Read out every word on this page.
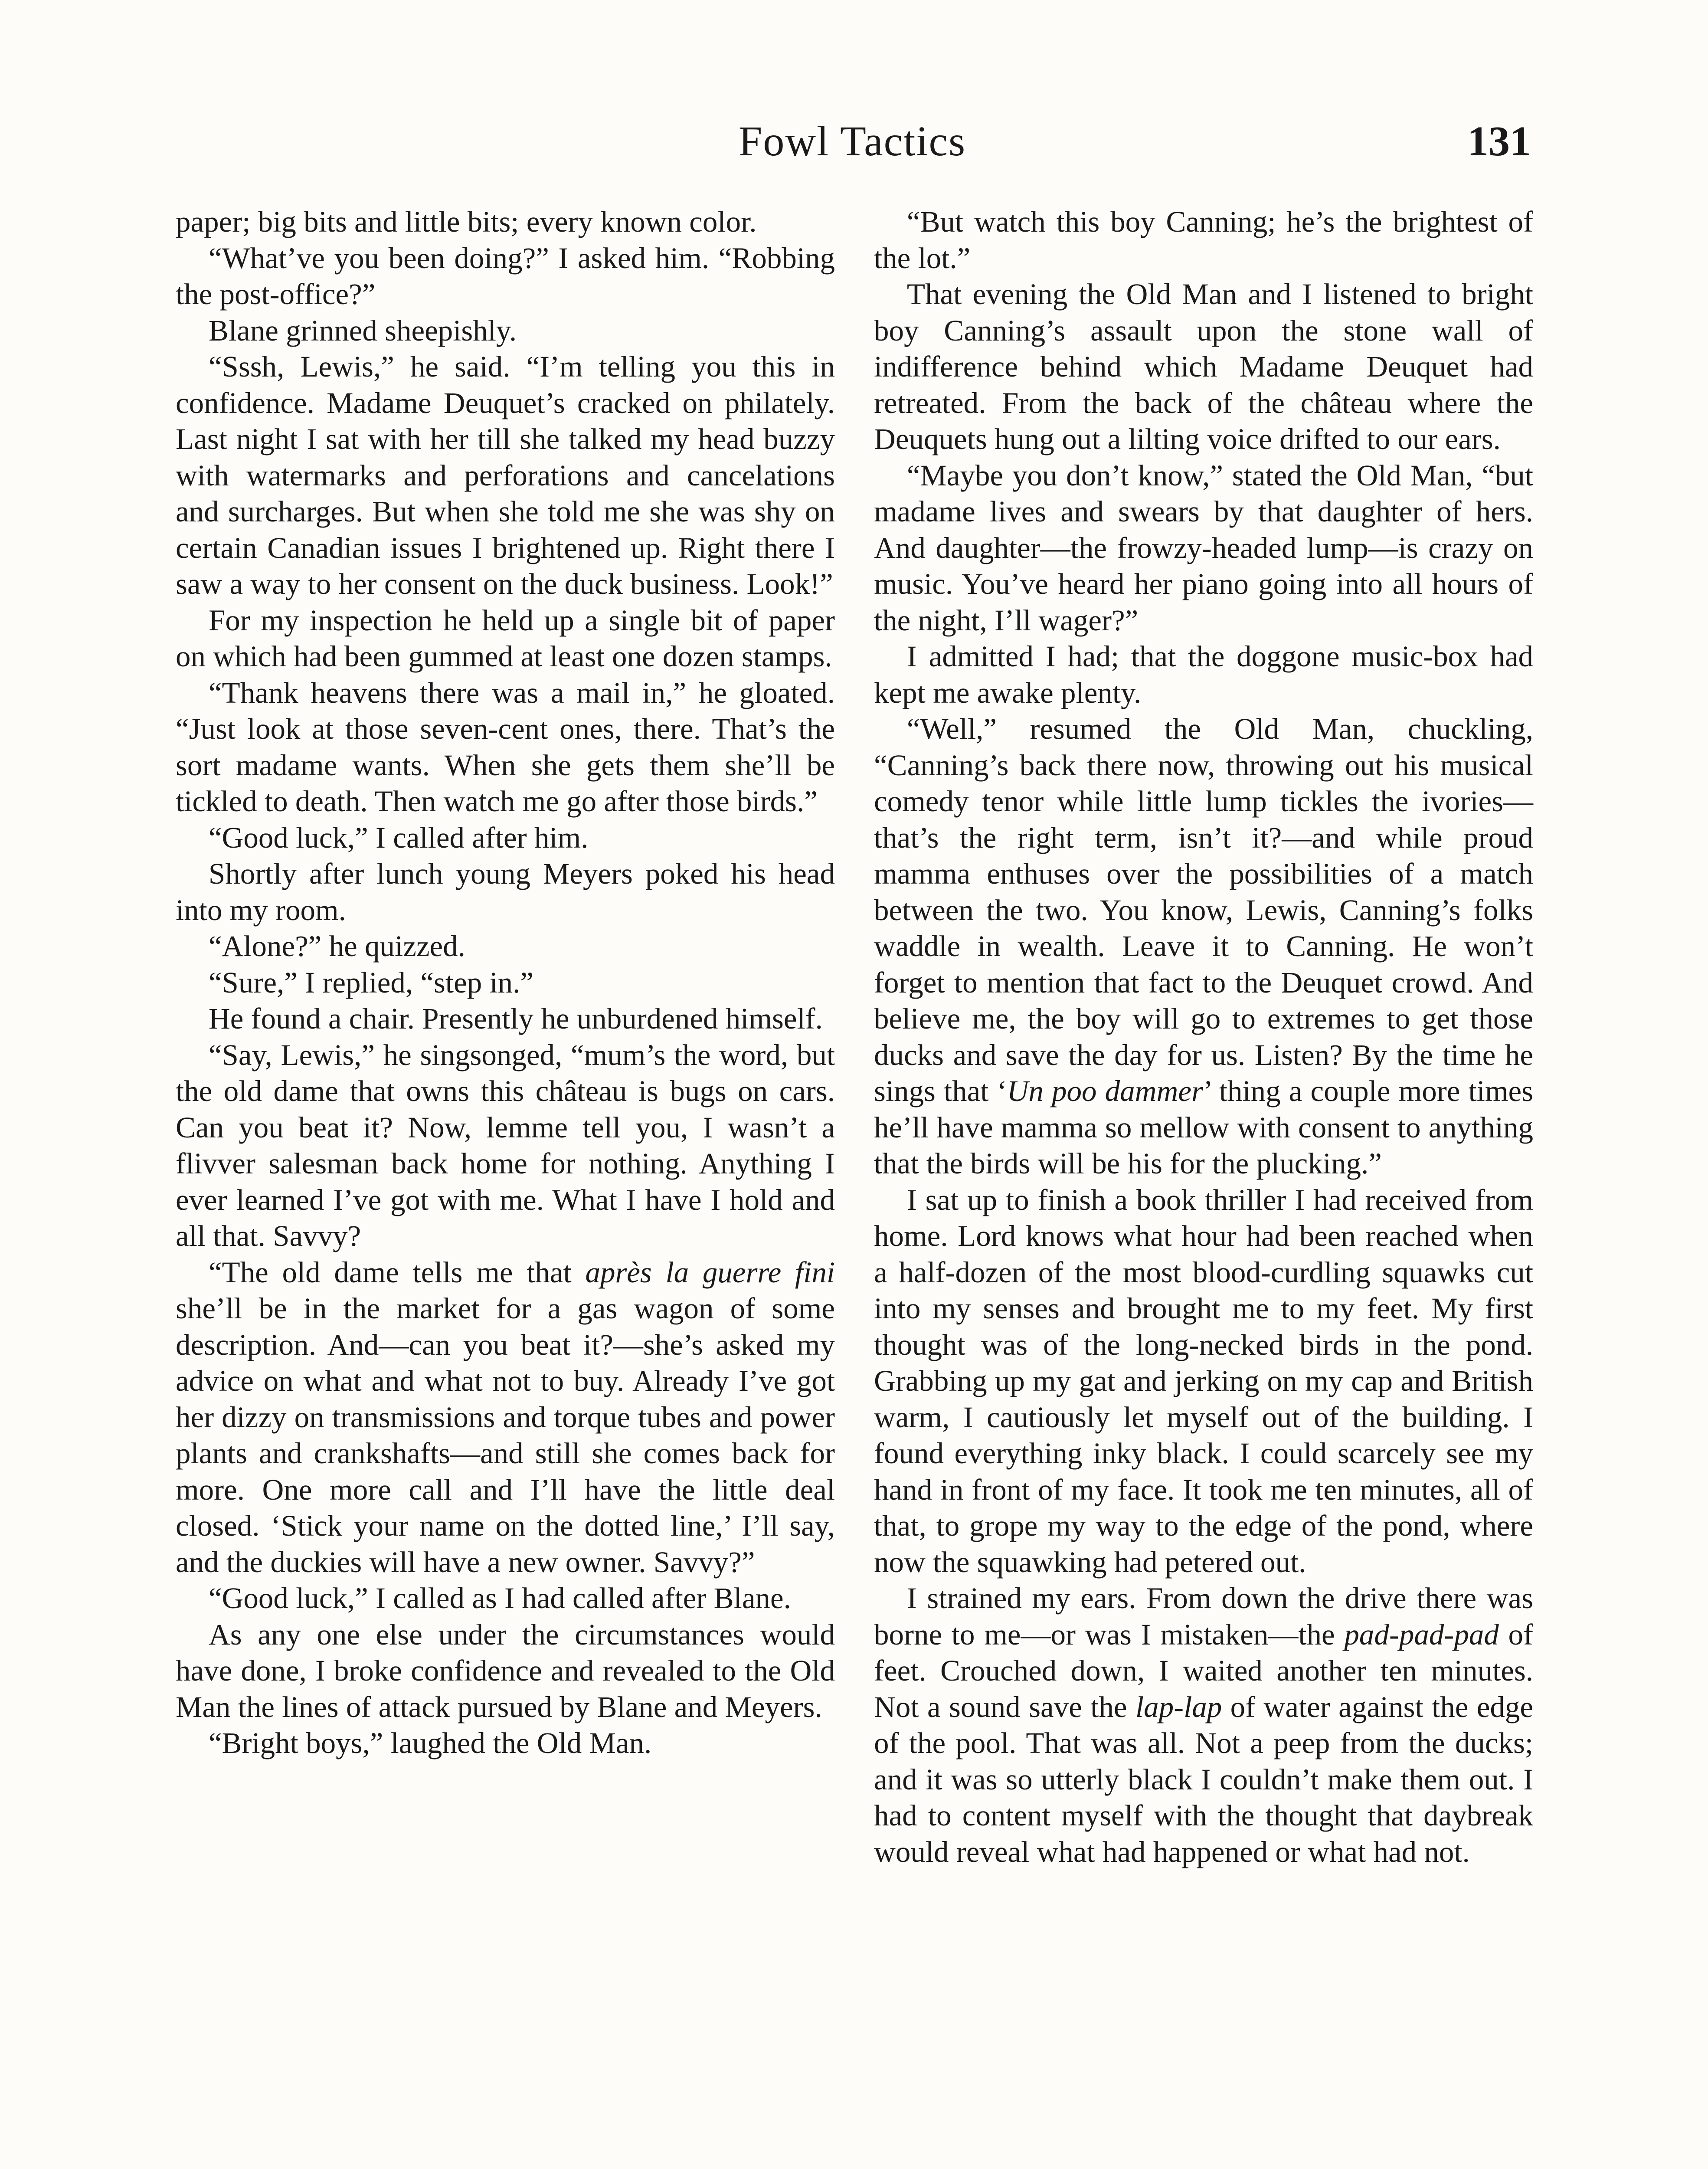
Fowl Tactics	131

paper; big bits and little bits; every known color.

“What’ve you been doing?” I asked him. “Robbing the post-office?”

Blane grinned sheepishly.

“Sssh, Lewis,” he said. “I’m telling you this in confidence. Madame Deuquet’s cracked on philately. Last night I sat with her till she talked my head buzzy with watermarks and perforations and cancelations and surcharges. But when she told me she was shy on certain Canadian issues I brightened up. Right there I saw a way to her consent on the duck business. Look!”

For my inspection he held up a single bit of paper on which had been gummed at least one dozen stamps.

“Thank heavens there was a mail in,” he gloated. “Just look at those seven-cent ones, there. That’s the sort madame wants. When she gets them she’ll be tickled to death. Then watch me go after those birds.”

“Good luck,” I called after him.

Shortly after lunch young Meyers poked his head into my room.

“Alone?” he quizzed.

“Sure,” I replied, “step in.”

He found a chair. Presently he unburdened himself.

“Say, Lewis,” he singsonged, “mum’s the word, but the old dame that owns this château is bugs on cars. Can you beat it? Now, lemme tell you, I wasn’t a flivver salesman back home for nothing. Anything I ever learned I’ve got with me. What I have I hold and all that. Savvy?

“The old dame tells me that après la guerre fini she’ll be in the market for a gas wagon of some description. And—can you beat it?—she’s asked my advice on what and what not to buy. Already I’ve got her dizzy on transmissions and torque tubes and power plants and crankshafts—and still she comes back for more. One more call and I’ll have the little deal closed. ‘Stick your name on the dotted line,’ I’ll say, and the duckies will have a new owner. Savvy?”

“Good luck,” I called as I had called after Blane.

As any one else under the circumstances would have done, I broke confidence and revealed to the Old Man the lines of attack pursued by Blane and Meyers.

“Bright boys,” laughed the Old Man.

“But watch this boy Canning; he’s the brightest of the lot.”

That evening the Old Man and I listened to bright boy Canning’s assault upon the stone wall of indifference behind which Madame Deuquet had retreated. From the back of the château where the Deuquets hung out a lilting voice drifted to our ears.

“Maybe you don’t know,” stated the Old Man, “but madame lives and swears by that daughter of hers. And daughter—the frowzy-headed lump—is crazy on music. You’ve heard her piano going into all hours of the night, I’ll wager?”

I admitted I had; that the doggone music-box had kept me awake plenty.

“Well,” resumed the Old Man, chuckling, “Canning’s back there now, throwing out his musical comedy tenor while little lump tickles the ivories—that’s the right term, isn’t it?—and while proud mamma enthuses over the possibilities of a match between the two. You know, Lewis, Canning’s folks waddle in wealth. Leave it to Canning. He won’t forget to mention that fact to the Deuquet crowd. And believe me, the boy will go to extremes to get those ducks and save the day for us. Listen? By the time he sings that ‘Un poo dammer’ thing a couple more times he’ll have mamma so mellow with consent to anything that the birds will be his for the plucking.”

I sat up to finish a book thriller I had received from home. Lord knows what hour had been reached when a half-dozen of the most blood-curdling squawks cut into my senses and brought me to my feet. My first thought was of the long-necked birds in the pond. Grabbing up my gat and jerking on my cap and British warm, I cautiously let myself out of the building. I found everything inky black. I could scarcely see my hand in front of my face. It took me ten minutes, all of that, to grope my way to the edge of the pond, where now the squawking had petered out.

I strained my ears. From down the drive there was borne to me—or was I mistaken—the pad-pad-pad of feet. Crouched down, I waited another ten minutes. Not a sound save the lap-lap of water against the edge of the pool. That was all. Not a peep from the ducks; and it was so utterly black I couldn’t make them out. I had to content myself with the thought that daybreak would reveal what had happened or what had not.
